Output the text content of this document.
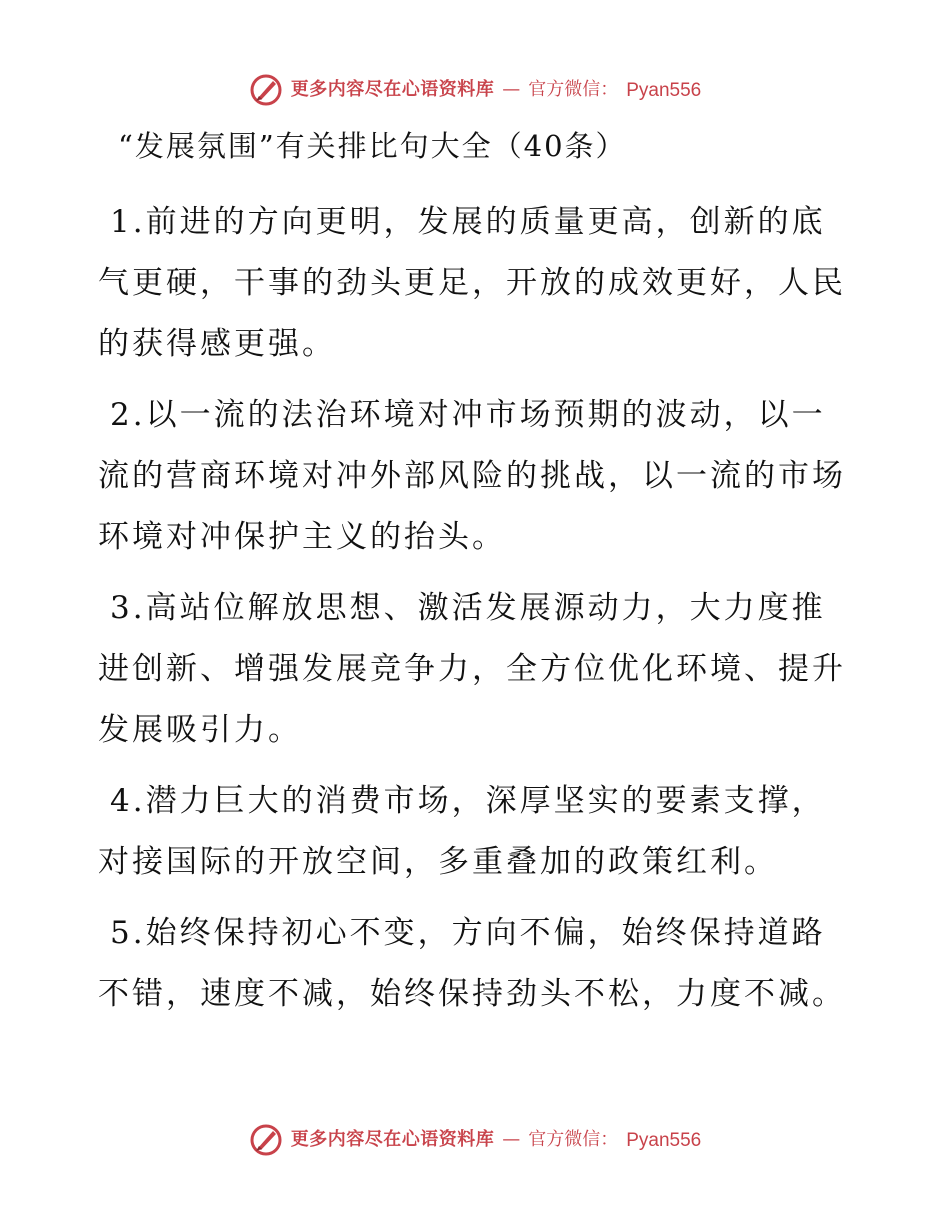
更多内容尽在心语资料库 — 官方微信： Pyan556
“发展氛围”有关排比句大全（40条）

1.前进的方向更明，发展的质量更高，创新的底气更硬，干事的劲头更足，开放的成效更好，人民的获得感更强。

2.以一流的法治环境对冲市场预期的波动，以一流的营商环境对冲外部风险的挑战，以一流的市场环境对冲保护主义的抬头。

3.高站位解放思想、激活发展源动力，大力度推进创新、增强发展竞争力，全方位优化环境、提升发展吸引力。

4.潜力巨大的消费市场，深厚坚实的要素支撑，对接国际的开放空间，多重叠加的政策红利。

5.始终保持初心不变，方向不偏，始终保持道路不错，速度不减，始终保持劲头不松，力度不减。

更多内容尽在心语资料库 — 官方微信： Pyan556
